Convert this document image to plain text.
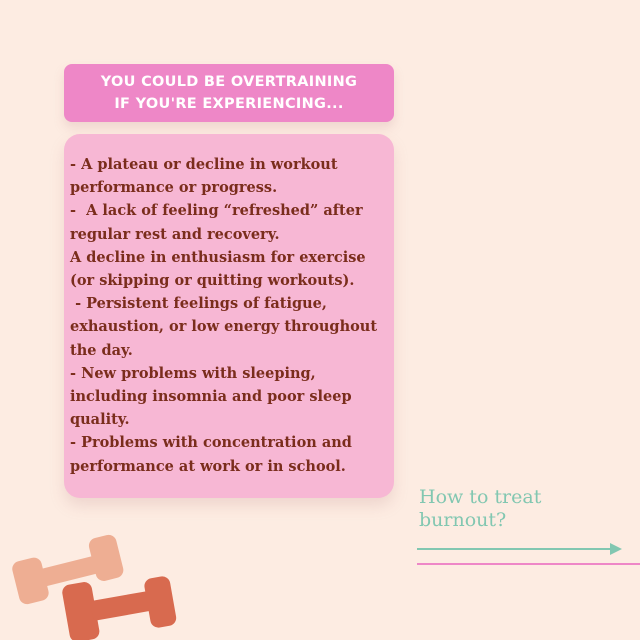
YOU COULD BE OVERTRAINING IF YOU'RE EXPERIENCING...
- A plateau or decline in workout performance or progress.
-  A lack of feeling “refreshed” after regular rest and recovery.
A decline in enthusiasm for exercise (or skipping or quitting workouts).
- Persistent feelings of fatigue, exhaustion, or low energy throughout the day.
- New problems with sleeping, including insomnia and poor sleep quality.
- Problems with concentration and performance at work or in school.
How to treat
burnout?
